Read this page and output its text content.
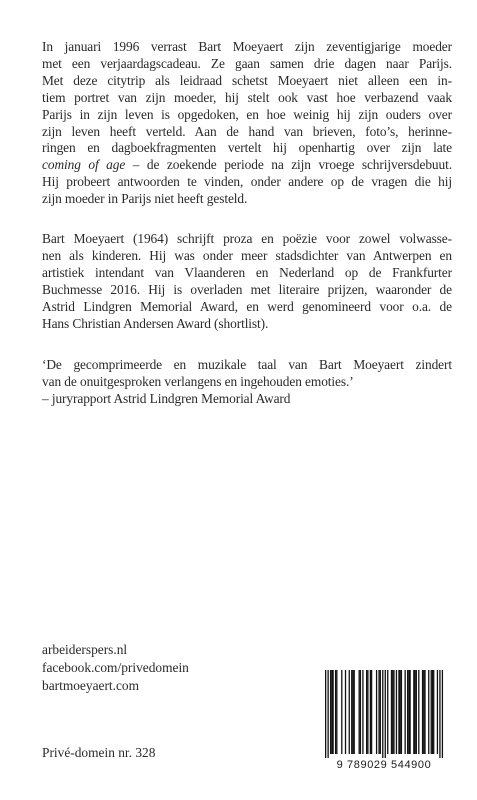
In januari 1996 verrast Bart Moeyaert zijn zeventigjarige moeder
met een verjaardagscadeau. Ze gaan samen drie dagen naar Parijs.
Met deze citytrip als leidraad schetst Moeyaert niet alleen een in-
tiem portret van zijn moeder, hij stelt ook vast hoe verbazend vaak
Parijs in zijn leven is opgedoken, en hoe weinig hij zijn ouders over
zijn leven heeft verteld. Aan de hand van brieven, foto’s, herinne-
ringen en dagboekfragmenten vertelt hij openhartig over zijn late
coming of age – de zoekende periode na zijn vroege schrijversdebuut.
Hij probeert antwoorden te vinden, onder andere op de vragen die hij
zijn moeder in Parijs niet heeft gesteld.
Bart Moeyaert (1964) schrijft proza en poëzie voor zowel volwasse-
nen als kinderen. Hij was onder meer stadsdichter van Antwerpen en
artistiek intendant van Vlaanderen en Nederland op de Frankfurter
Buchmesse 2016. Hij is overladen met literaire prijzen, waaronder de
Astrid Lindgren Memorial Award, en werd genomineerd voor o.a. de
Hans Christian Andersen Award (shortlist).
‘De gecomprimeerde en muzikale taal van Bart Moeyaert zindert
van de onuitgesproken verlangens en ingehouden emoties.’
– juryrapport Astrid Lindgren Memorial Award
arbeiderspers.nl
facebook.com/privedomein
bartmoeyaert.com
Privé-domein nr. 328
9 789029 544900
